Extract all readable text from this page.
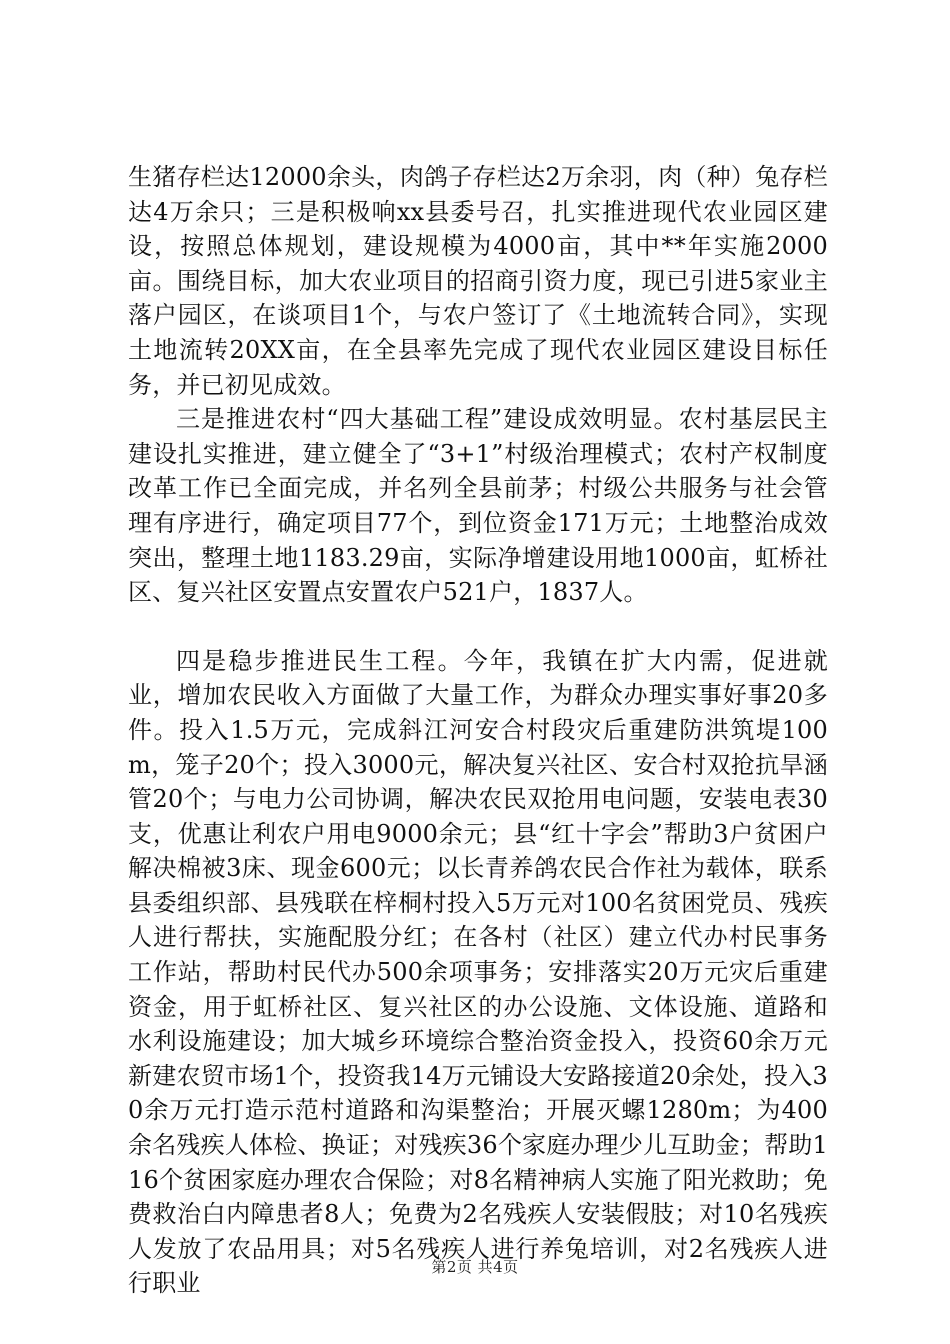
生猪存栏达12000余头，肉鸽子存栏达2万余羽，肉（种）兔存栏达4万余只；三是积极响xx县委号召，扎实推进现代农业园区建设，按照总体规划，建设规模为4000亩，其中**年实施2000亩。围绕目标，加大农业项目的招商引资力度，现已引进5家业主落户园区，在谈项目1个，与农户签订了《土地流转合同》，实现土地流转20XX亩，在全县率先完成了现代农业园区建设目标任务，并已初见成效。

三是推进农村“四大基础工程”建设成效明显。农村基层民主建设扎实推进，建立健全了“3+1”村级治理模式；农村产权制度改革工作已全面完成，并名列全县前茅；村级公共服务与社会管理有序进行，确定项目77个，到位资金171万元；土地整治成效突出，整理土地1183.29亩，实际净增建设用地1000亩，虹桥社区、复兴社区安置点安置农户521户，1837人。

四是稳步推进民生工程。今年，我镇在扩大内需，促进就业，增加农民收入方面做了大量工作，为群众办理实事好事20多件。投入1.5万元，完成斜江河安合村段灾后重建防洪筑堤100m，笼子20个；投入3000元，解决复兴社区、安合村双抢抗旱涵管20个；与电力公司协调，解决农民双抢用电问题，安装电表30支，优惠让利农户用电9000余元；县“红十字会”帮助3户贫困户解决棉被3床、现金600元；以长青养鸽农民合作社为载体，联系县委组织部、县残联在梓桐村投入5万元对100名贫困党员、残疾人进行帮扶，实施配股分红；在各村（社区）建立代办村民事务工作站，帮助村民代办500余项事务；安排落实20万元灾后重建资金，用于虹桥社区、复兴社区的办公设施、文体设施、道路和水利设施建设；加大城乡环境综合整治资金投入，投资60余万元新建农贸市场1个，投资我14万元铺设大安路接道20余处，投入30余万元打造示范村道路和沟渠整治；开展灭螺1280m；为400余名残疾人体检、换证；对残疾36个家庭办理少儿互助金；帮助116个贫困家庭办理农合保险；对8名精神病人实施了阳光救助；免费救治白内障患者8人；免费为2名残疾人安装假肢；对10名残疾人发放了农品用具；对5名残疾人进行养兔培训，对2名残疾人进行职业

第2页 共4页
